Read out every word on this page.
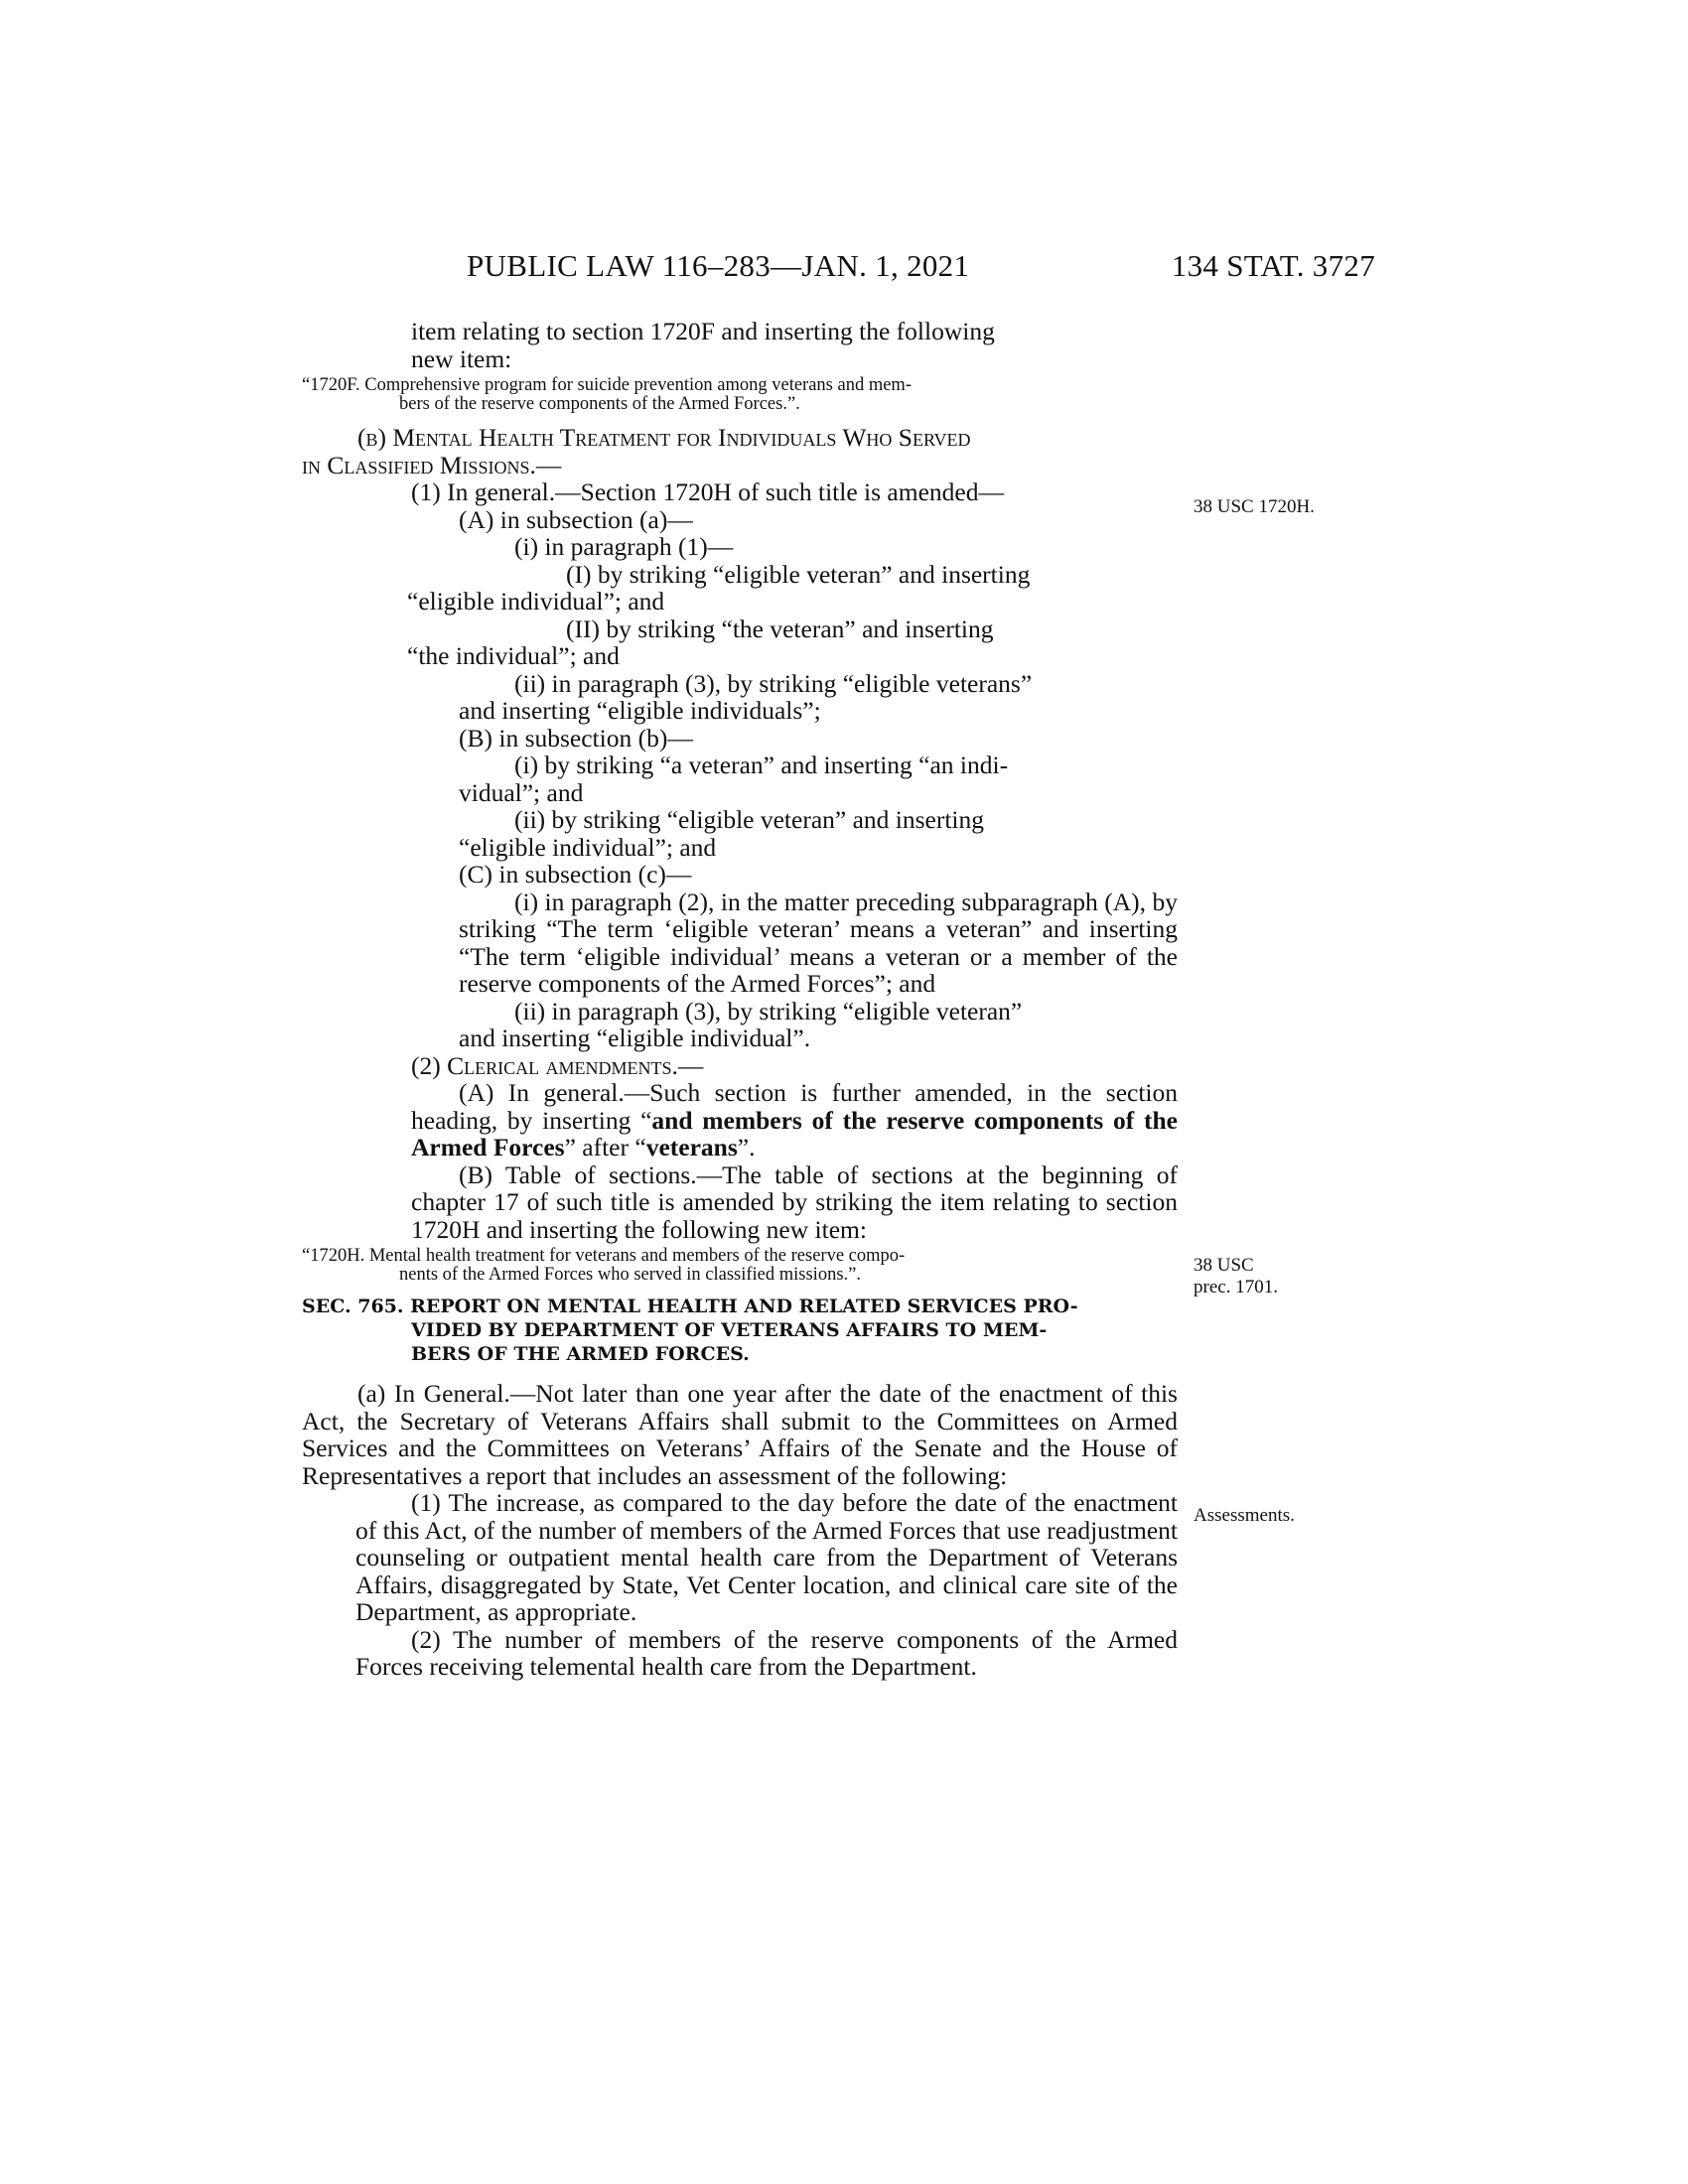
PUBLIC LAW 116–283—JAN. 1, 2021	134 STAT. 3727

item relating to section 1720F and inserting the following
new item:

“1720F. Comprehensive program for suicide prevention among veterans and mem-
bers of the reserve components of the Armed Forces.”.

(b) Mental Health Treatment for Individuals Who Served
in Classified Missions.—

(1) In general.—Section 1720H of such title is amended—

(A) in subsection (a)—

(i) in paragraph (1)—

(I) by striking “eligible veteran” and inserting
“eligible individual”; and

(II) by striking “the veteran” and inserting
“the individual”; and

(ii) in paragraph (3), by striking “eligible veterans”
and inserting “eligible individuals”;

(B) in subsection (b)—

(i) by striking “a veteran” and inserting “an indi-
vidual”; and

(ii) by striking “eligible veteran” and inserting
“eligible individual”; and

(C) in subsection (c)—

(i) in paragraph (2), in the matter preceding subparagraph (A), by striking “The term ‘eligible veteran’ means a veteran” and inserting “The term ‘eligible individual’ means a veteran or a member of the reserve components of the Armed Forces”; and

(ii) in paragraph (3), by striking “eligible veteran”
and inserting “eligible individual”.

(2) Clerical amendments.—

(A) In general.—Such section is further amended, in the section heading, by inserting “and members of the reserve components of the Armed Forces” after “veterans”.

(B) Table of sections.—The table of sections at the beginning of chapter 17 of such title is amended by striking the item relating to section 1720H and inserting the following new item:

“1720H. Mental health treatment for veterans and members of the reserve compo-
nents of the Armed Forces who served in classified missions.”.

SEC. 765. REPORT ON MENTAL HEALTH AND RELATED SERVICES PRO-
VIDED BY DEPARTMENT OF VETERANS AFFAIRS TO MEM-
BERS OF THE ARMED FORCES.

(a) In General.—Not later than one year after the date of the enactment of this Act, the Secretary of Veterans Affairs shall submit to the Committees on Armed Services and the Committees on Veterans’ Affairs of the Senate and the House of Representatives a report that includes an assessment of the following:

(1) The increase, as compared to the day before the date of the enactment of this Act, of the number of members of the Armed Forces that use readjustment counseling or outpatient mental health care from the Department of Veterans Affairs, disaggregated by State, Vet Center location, and clinical care site of the Department, as appropriate.

(2) The number of members of the reserve components of the Armed Forces receiving telemental health care from the Department.

38 USC 1720H.
38 USC
prec. 1701.
Assessments.
